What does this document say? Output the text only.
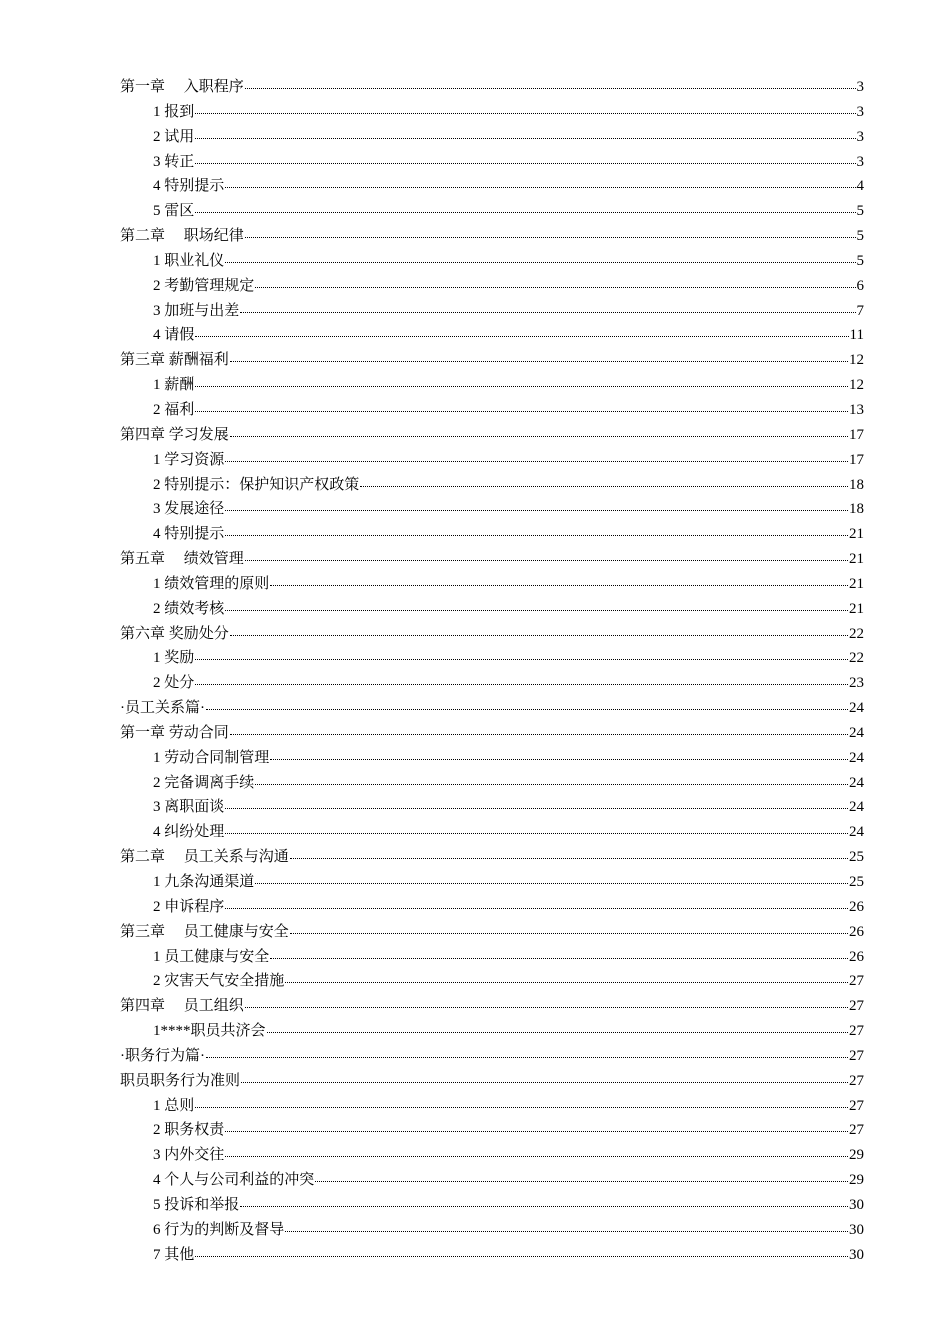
第一章　 入职程序	3
1 报到	3
2 试用	3
3 转正	3
4 特别提示	4
5 雷区	5
第二章　 职场纪律	5
1 职业礼仪	5
2 考勤管理规定	6
3 加班与出差	7
4 请假	11
第三章 薪酬福利	12
1 薪酬	12
2 福利	13
第四章 学习发展	17
1 学习资源	17
2 特别提示：保护知识产权政策	18
3 发展途径	18
4 特别提示	21
第五章　 绩效管理	21
1 绩效管理的原则	21
2 绩效考核	21
第六章 奖励处分	22
1 奖励	22
2 处分	23
·员工关系篇·	24
第一章 劳动合同	24
1 劳动合同制管理	24
2 完备调离手续	24
3 离职面谈	24
4 纠纷处理	24
第二章　 员工关系与沟通	25
1 九条沟通渠道	25
2 申诉程序	26
第三章　 员工健康与安全	26
1 员工健康与安全	26
2 灾害天气安全措施	27
第四章　 员工组织	27
1****职员共济会	27
·职务行为篇·	27
职员职务行为准则	27
1 总则	27
2 职务权责	27
3 内外交往	29
4 个人与公司利益的冲突	29
5 投诉和举报	30
6 行为的判断及督导	30
7 其他	30
